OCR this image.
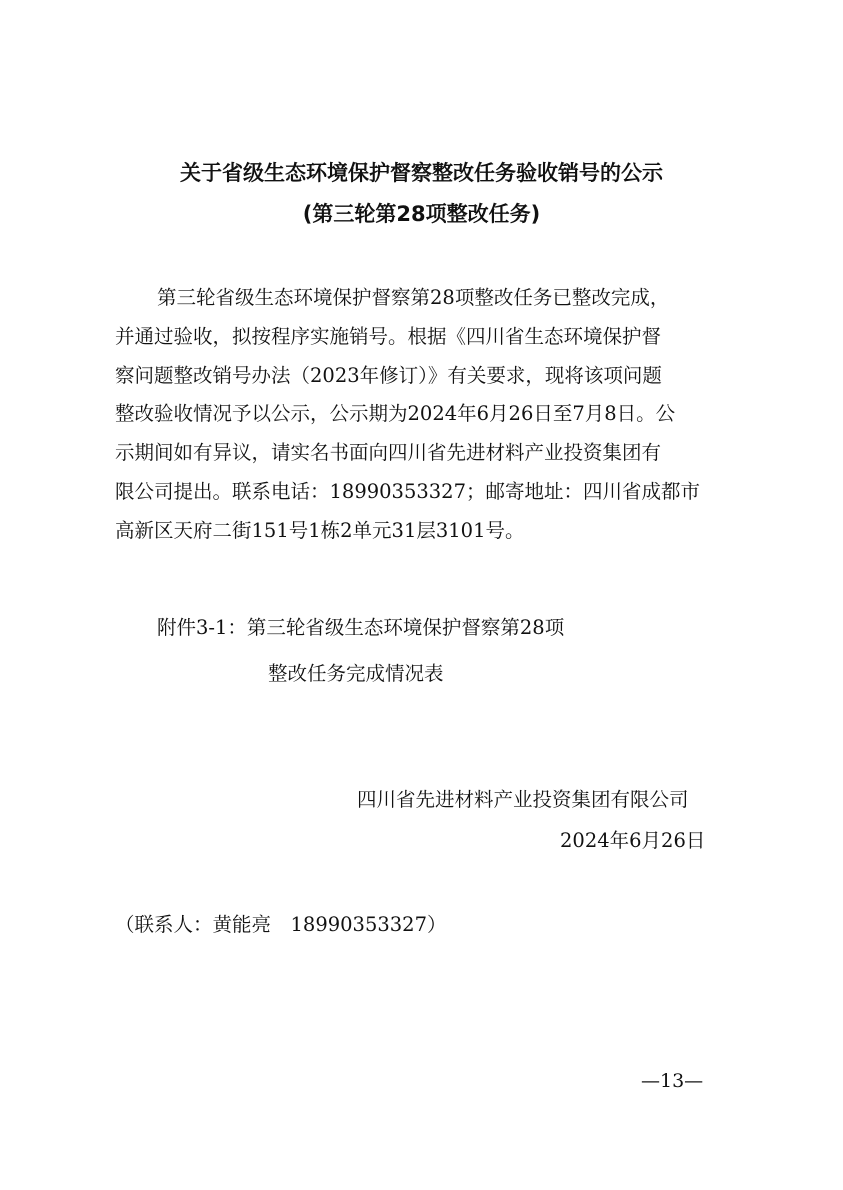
关于省级生态环境保护督察整改任务验收销号的公示
(第三轮第28项整改任务)
第三轮省级生态环境保护督察第28项整改任务已整改完成，
并通过验收，拟按程序实施销号。根据《四川省生态环境保护督
察问题整改销号办法（2023年修订）》有关要求，现将该项问题
整改验收情况予以公示，公示期为2024年6月26日至7月8日。公
示期间如有异议，请实名书面向四川省先进材料产业投资集团有
限公司提出。联系电话：18990353327；邮寄地址：四川省成都市
高新区天府二街151号1栋2单元31层3101号。
附件3-1：第三轮省级生态环境保护督察第28项
整改任务完成情况表
四川省先进材料产业投资集团有限公司
2024年6月26日
（联系人：黄能亮　18990353327）
—13—
